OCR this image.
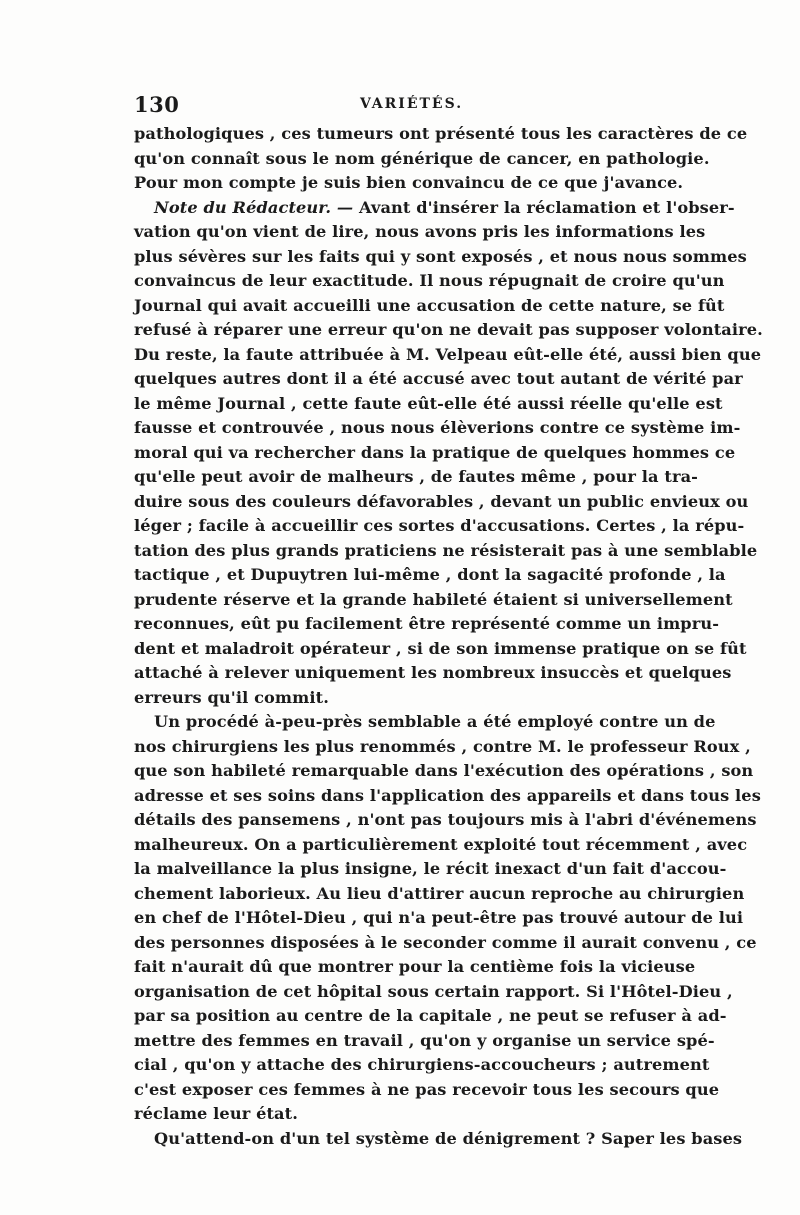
130	VARIÉTÉS.
pathologiques , ces tumeurs ont présenté tous les caractères de ce
qu'on connaît sous le nom générique de cancer, en pathologie.
Pour mon compte je suis bien convaincu de ce que j'avance.
Note du Rédacteur. — Avant d'insérer la réclamation et l'obser-
vation qu'on vient de lire, nous avons pris les informations les
plus sévères sur les faits qui y sont exposés , et nous nous sommes
convaincus de leur exactitude. Il nous répugnait de croire qu'un
Journal qui avait accueilli une accusation de cette nature, se fût
refusé à réparer une erreur qu'on ne devait pas supposer volontaire.
Du reste, la faute attribuée à M. Velpeau eût-elle été, aussi bien que
quelques autres dont il a été accusé avec tout autant de vérité par
le même Journal , cette faute eût-elle été aussi réelle qu'elle est
fausse et controuvée , nous nous élèverions contre ce système im-
moral qui va rechercher dans la pratique de quelques hommes ce
qu'elle peut avoir de malheurs , de fautes même , pour la tra-
duire sous des couleurs défavorables , devant un public envieux ou
léger ; facile à accueillir ces sortes d'accusations. Certes , la répu-
tation des plus grands praticiens ne résisterait pas à une semblable
tactique , et Dupuytren lui-même , dont la sagacité profonde , la
prudente réserve et la grande habileté étaient si universellement
reconnues, eût pu facilement être représenté comme un impru-
dent et maladroit opérateur , si de son immense pratique on se fût
attaché à relever uniquement les nombreux insuccès et quelques
erreurs qu'il commit.
Un procédé à-peu-près semblable a été employé contre un de
nos chirurgiens les plus renommés , contre M. le professeur Roux ,
que son habileté remarquable dans l'exécution des opérations , son
adresse et ses soins dans l'application des appareils et dans tous les
détails des pansemens , n'ont pas toujours mis à l'abri d'événemens
malheureux. On a particulièrement exploité tout récemment , avec
la malveillance la plus insigne, le récit inexact d'un fait d'accou-
chement laborieux. Au lieu d'attirer aucun reproche au chirurgien
en chef de l'Hôtel-Dieu , qui n'a peut-être pas trouvé autour de lui
des personnes disposées à le seconder comme il aurait convenu , ce
fait n'aurait dû que montrer pour la centième fois la vicieuse
organisation de cet hôpital sous certain rapport. Si l'Hôtel-Dieu ,
par sa position au centre de la capitale , ne peut se refuser à ad-
mettre des femmes en travail , qu'on y organise un service spé-
cial , qu'on y attache des chirurgiens-accoucheurs ; autrement
c'est exposer ces femmes à ne pas recevoir tous les secours que
réclame leur état.
Qu'attend-on d'un tel système de dénigrement ? Saper les bases
